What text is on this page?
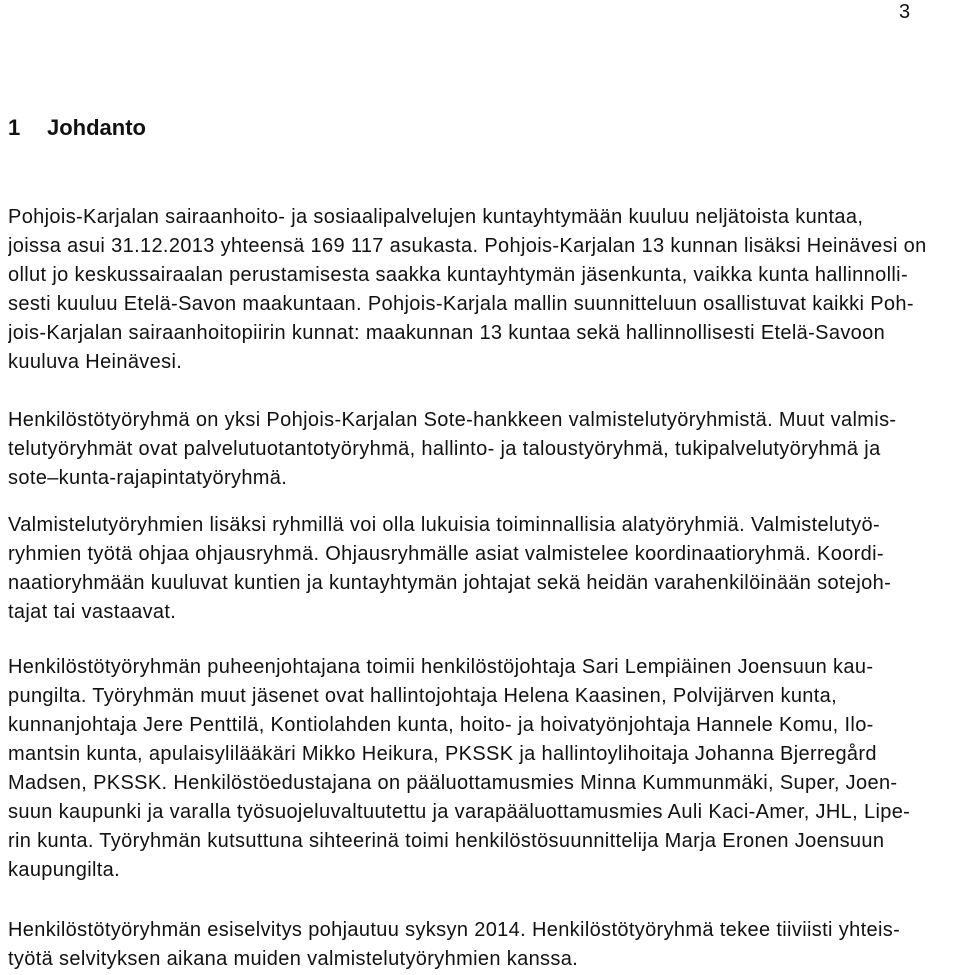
3
1 Johdanto
Pohjois-Karjalan sairaanhoito- ja sosiaalipalvelujen kuntayhtymään kuuluu neljätoista kuntaa,
joissa asui 31.12.2013 yhteensä 169 117 asukasta. Pohjois-Karjalan 13 kunnan lisäksi Heinävesi on
ollut jo keskussairaalan perustamisesta saakka kuntayhtymän jäsenkunta, vaikka kunta hallinnolli-
sesti kuuluu Etelä-Savon maakuntaan. Pohjois-Karjala mallin suunnitteluun osallistuvat kaikki Poh-
jois-Karjalan sairaanhoitopiirin kunnat: maakunnan 13 kuntaa sekä hallinnollisesti Etelä-Savoon
kuuluva Heinävesi.
Henkilöstötyöryhmä on yksi Pohjois-Karjalan Sote-hankkeen valmistelutyöryhmistä. Muut valmis-
telutyöryhmät ovat palvelutuotantotyöryhmä, hallinto- ja taloustyöryhmä, tukipalvelutyöryhmä ja
sote–kunta-rajapintatyöryhmä.
Valmistelutyöryhmien lisäksi ryhmillä voi olla lukuisia toiminnallisia alatyöryhmiä. Valmistelutyö-
ryhmien työtä ohjaa ohjausryhmä. Ohjausryhmälle asiat valmistelee koordinaatioryhmä. Koordi-
naatioryhmään kuuluvat kuntien ja kuntayhtymän johtajat sekä heidän varahenkilöinään sotejoh-
tajat tai vastaavat.
Henkilöstötyöryhmän puheenjohtajana toimii henkilöstöjohtaja Sari Lempiäinen Joensuun kau-
pungilta. Työryhmän muut jäsenet ovat hallintojohtaja Helena Kaasinen, Polvijärven kunta,
kunnanjohtaja Jere Penttilä, Kontiolahden kunta, hoito- ja hoivatyönjohtaja Hannele Komu, Ilo-
mantsin kunta, apulaisylilääkäri Mikko Heikura, PKSSK ja hallintoylihoitaja Johanna Bjerregård
Madsen, PKSSK. Henkilöstöedustajana on pääluottamusmies Minna Kummunmäki, Super, Joen-
suun kaupunki ja varalla työsuojeluvaltuutettu ja varapääluottamusmies Auli Kaci-Amer, JHL, Lipe-
rin kunta. Työryhmän kutsuttuna sihteerinä toimi henkilöstösuunnittelija Marja Eronen Joensuun
kaupungilta.
Henkilöstötyöryhmän esiselvitys pohjautuu syksyn 2014. Henkilöstötyöryhmä tekee tiiviisti yhteis-
työtä selvityksen aikana muiden valmistelutyöryhmien kanssa.
